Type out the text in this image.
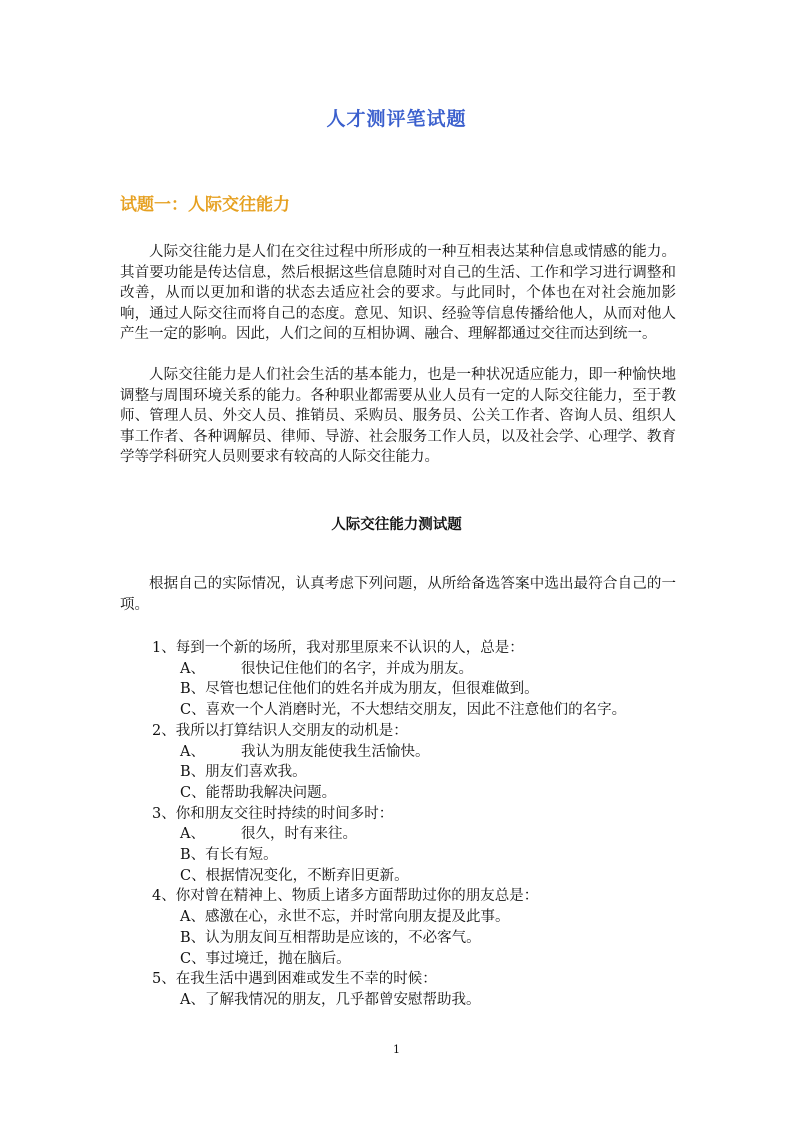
人才测评笔试题
试题一：人际交往能力

人际交往能力是人们在交往过程中所形成的一种互相表达某种信息或情感的能力。其首要功能是传达信息，然后根据这些信息随时对自己的生活、工作和学习进行调整和改善，从而以更加和谐的状态去适应社会的要求。与此同时，个体也在对社会施加影响，通过人际交往而将自己的态度。意见、知识、经验等信息传播给他人，从而对他人产生一定的影响。因此，人们之间的互相协调、融合、理解都通过交往而达到统一。

人际交往能力是人们社会生活的基本能力，也是一种状况适应能力，即一种愉快地调整与周围环境关系的能力。各种职业都需要从业人员有一定的人际交往能力，至于教师、管理人员、外交人员、推销员、采购员、服务员、公关工作者、咨询人员、组织人事工作者、各种调解员、律师、导游、社会服务工作人员，以及社会学、心理学、教育学等学科研究人员则要求有较高的人际交往能力。

人际交往能力测试题

根据自己的实际情况，认真考虑下列问题，从所给备选答案中选出最符合自己的一项。

1、每到一个新的场所，我对那里原来不认识的人，总是：
A、 很快记住他们的名字，并成为朋友。
B、尽管也想记住他们的姓名并成为朋友，但很难做到。
C、喜欢一个人消磨时光，不大想结交朋友，因此不注意他们的名字。
2、我所以打算结识人交朋友的动机是：
A、 我认为朋友能使我生活愉快。
B、朋友们喜欢我。
C、能帮助我解决问题。
3、你和朋友交往时持续的时间多时：
A、 很久，时有来往。
B、有长有短。
C、根据情况变化，不断弃旧更新。
4、你对曾在精神上、物质上诸多方面帮助过你的朋友总是：
A、感激在心，永世不忘，并时常向朋友提及此事。
B、认为朋友间互相帮助是应该的，不必客气。
C、事过境迁，抛在脑后。
5、在我生活中遇到困难或发生不幸的时候：
A、了解我情况的朋友，几乎都曾安慰帮助我。
1
